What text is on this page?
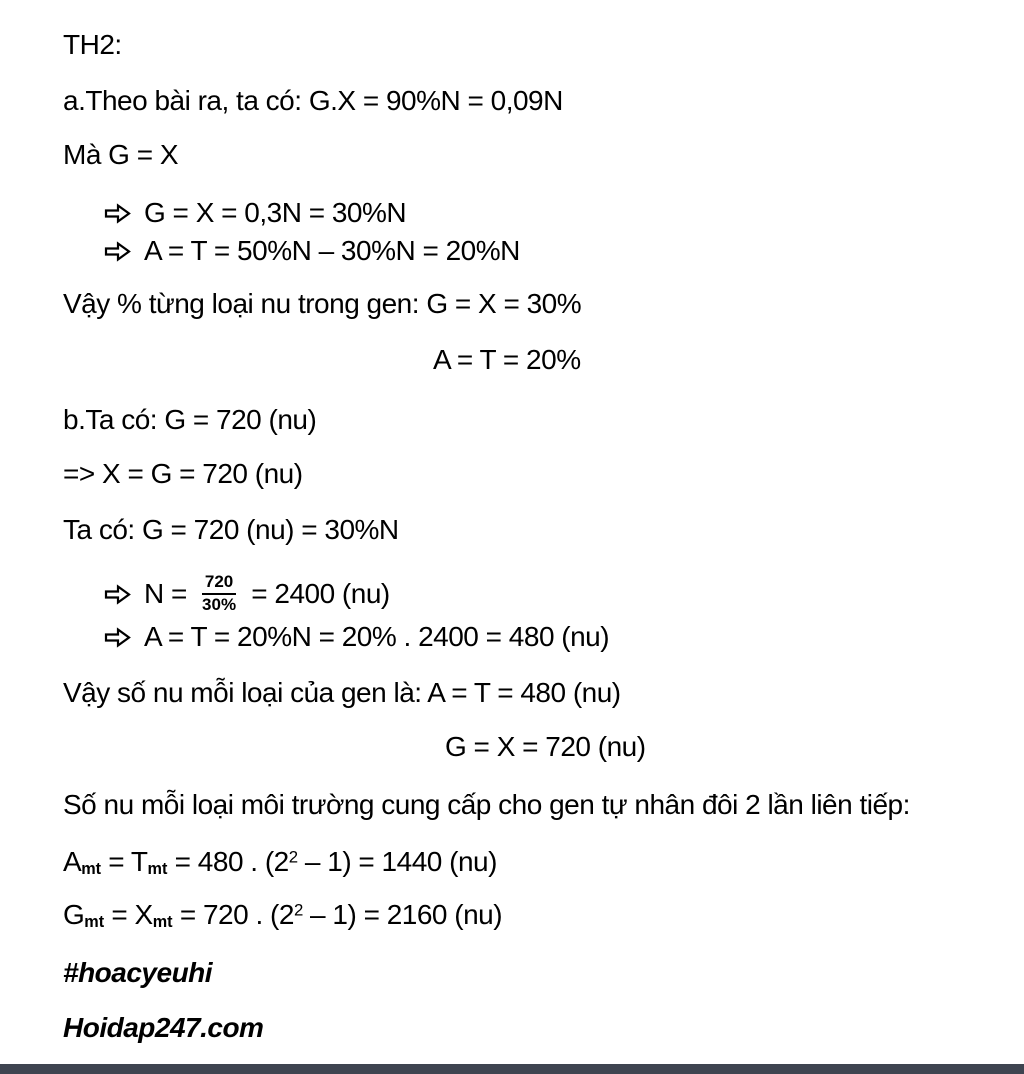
TH2:
a.Theo bài ra, ta có: G.X = 90%N = 0,09N
Mà G = X
G = X = 0,3N = 30%N
A = T = 50%N – 30%N = 20%N
Vậy % từng loại nu trong gen: G = X = 30%
A = T = 20%
b.Ta có: G = 720 (nu)
=> X = G = 720 (nu)
Ta có: G = 720 (nu) = 30%N
$N = \frac{720}{30\%} = 2400$ (nu)
A = T = 20%N = 20% . 2400 = 480 (nu)
Vậy số nu mỗi loại của gen là: A = T = 480 (nu)
G = X = 720 (nu)
Số nu mỗi loại môi trường cung cấp cho gen tự nhân đôi 2 lần liên tiếp:
$A_{mt} = T_{mt} = 480$ . $(2^2 - 1) = 1440$ (nu)
$G_{mt} = X_{mt} = 720$ . $(2^2 - 1) = 2160$ (nu)
#hoacyeuhi
Hoidap247.com
